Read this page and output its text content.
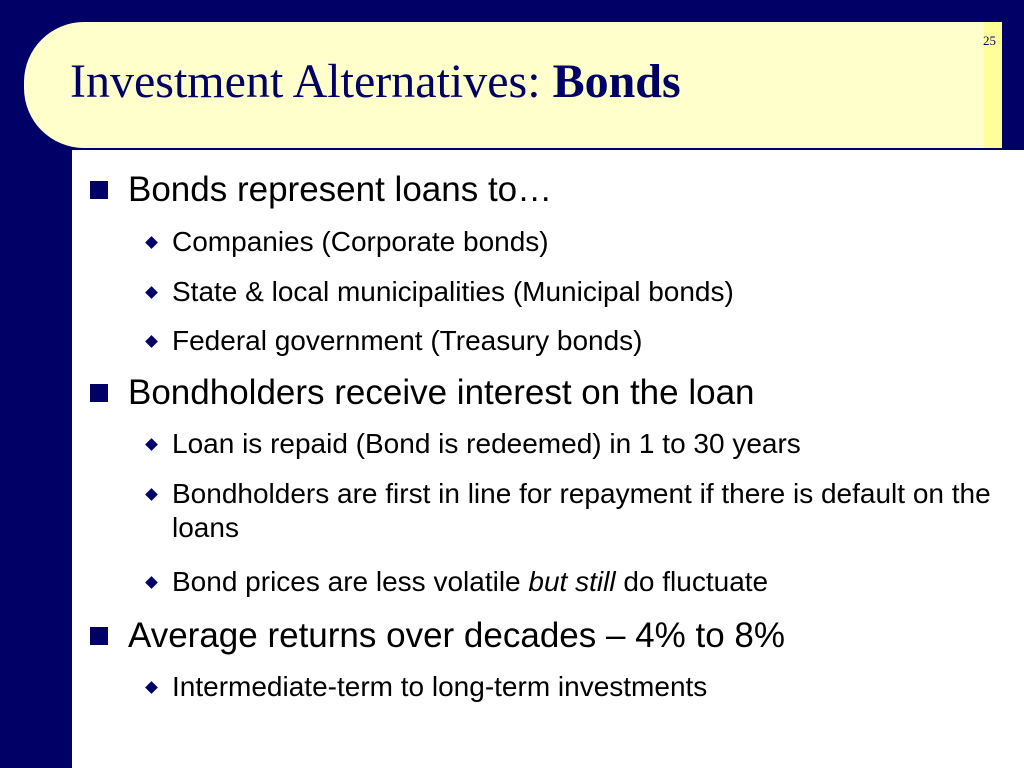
25
Investment Alternatives: Bonds
Bonds represent loans to…
Companies (Corporate bonds)
State & local municipalities (Municipal bonds)
Federal government (Treasury bonds)
Bondholders receive interest on the loan
Loan is repaid (Bond is redeemed) in 1 to 30 years
Bondholders are first in line for repayment if there is default on the loans
Bond prices are less volatile but still do fluctuate
Average returns over decades – 4% to 8%
Intermediate-term to long-term investments
